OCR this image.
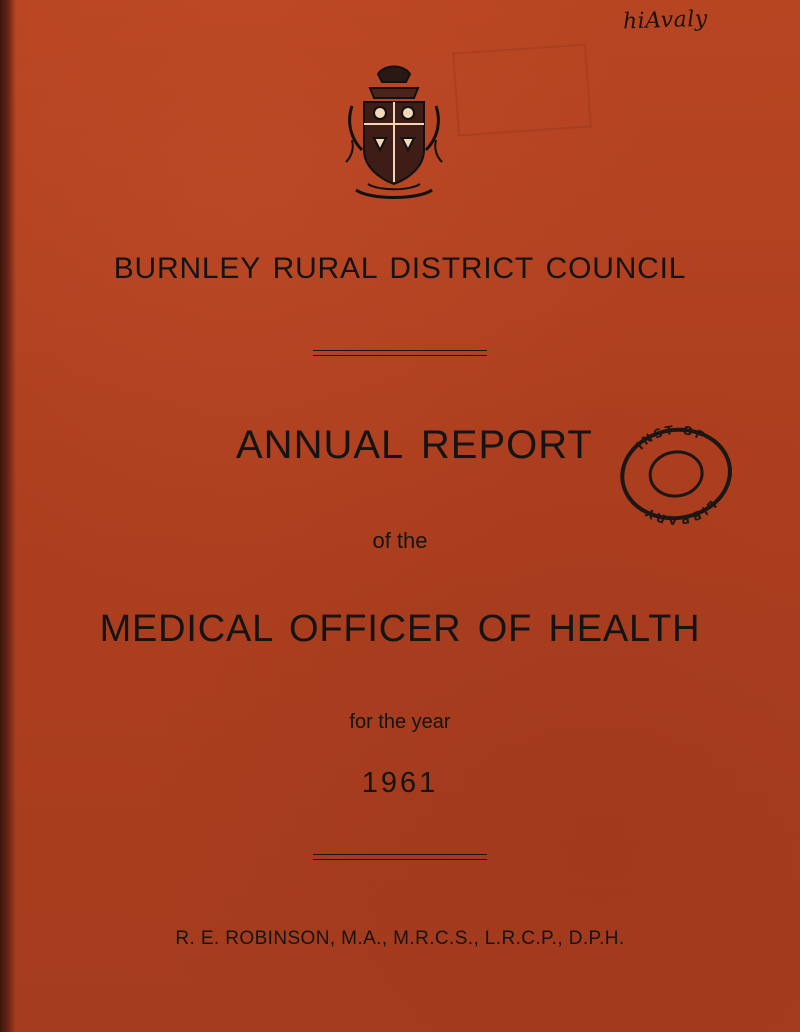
hiAvaly
BURNLEY RURAL DISTRICT COUNCIL
ANNUAL REPORT	INST OF
LIBRARY
of the
MEDICAL OFFICER OF HEALTH
for the year
1961
R. E. ROBINSON, M.A., M.R.C.S., L.R.C.P., D.P.H.
